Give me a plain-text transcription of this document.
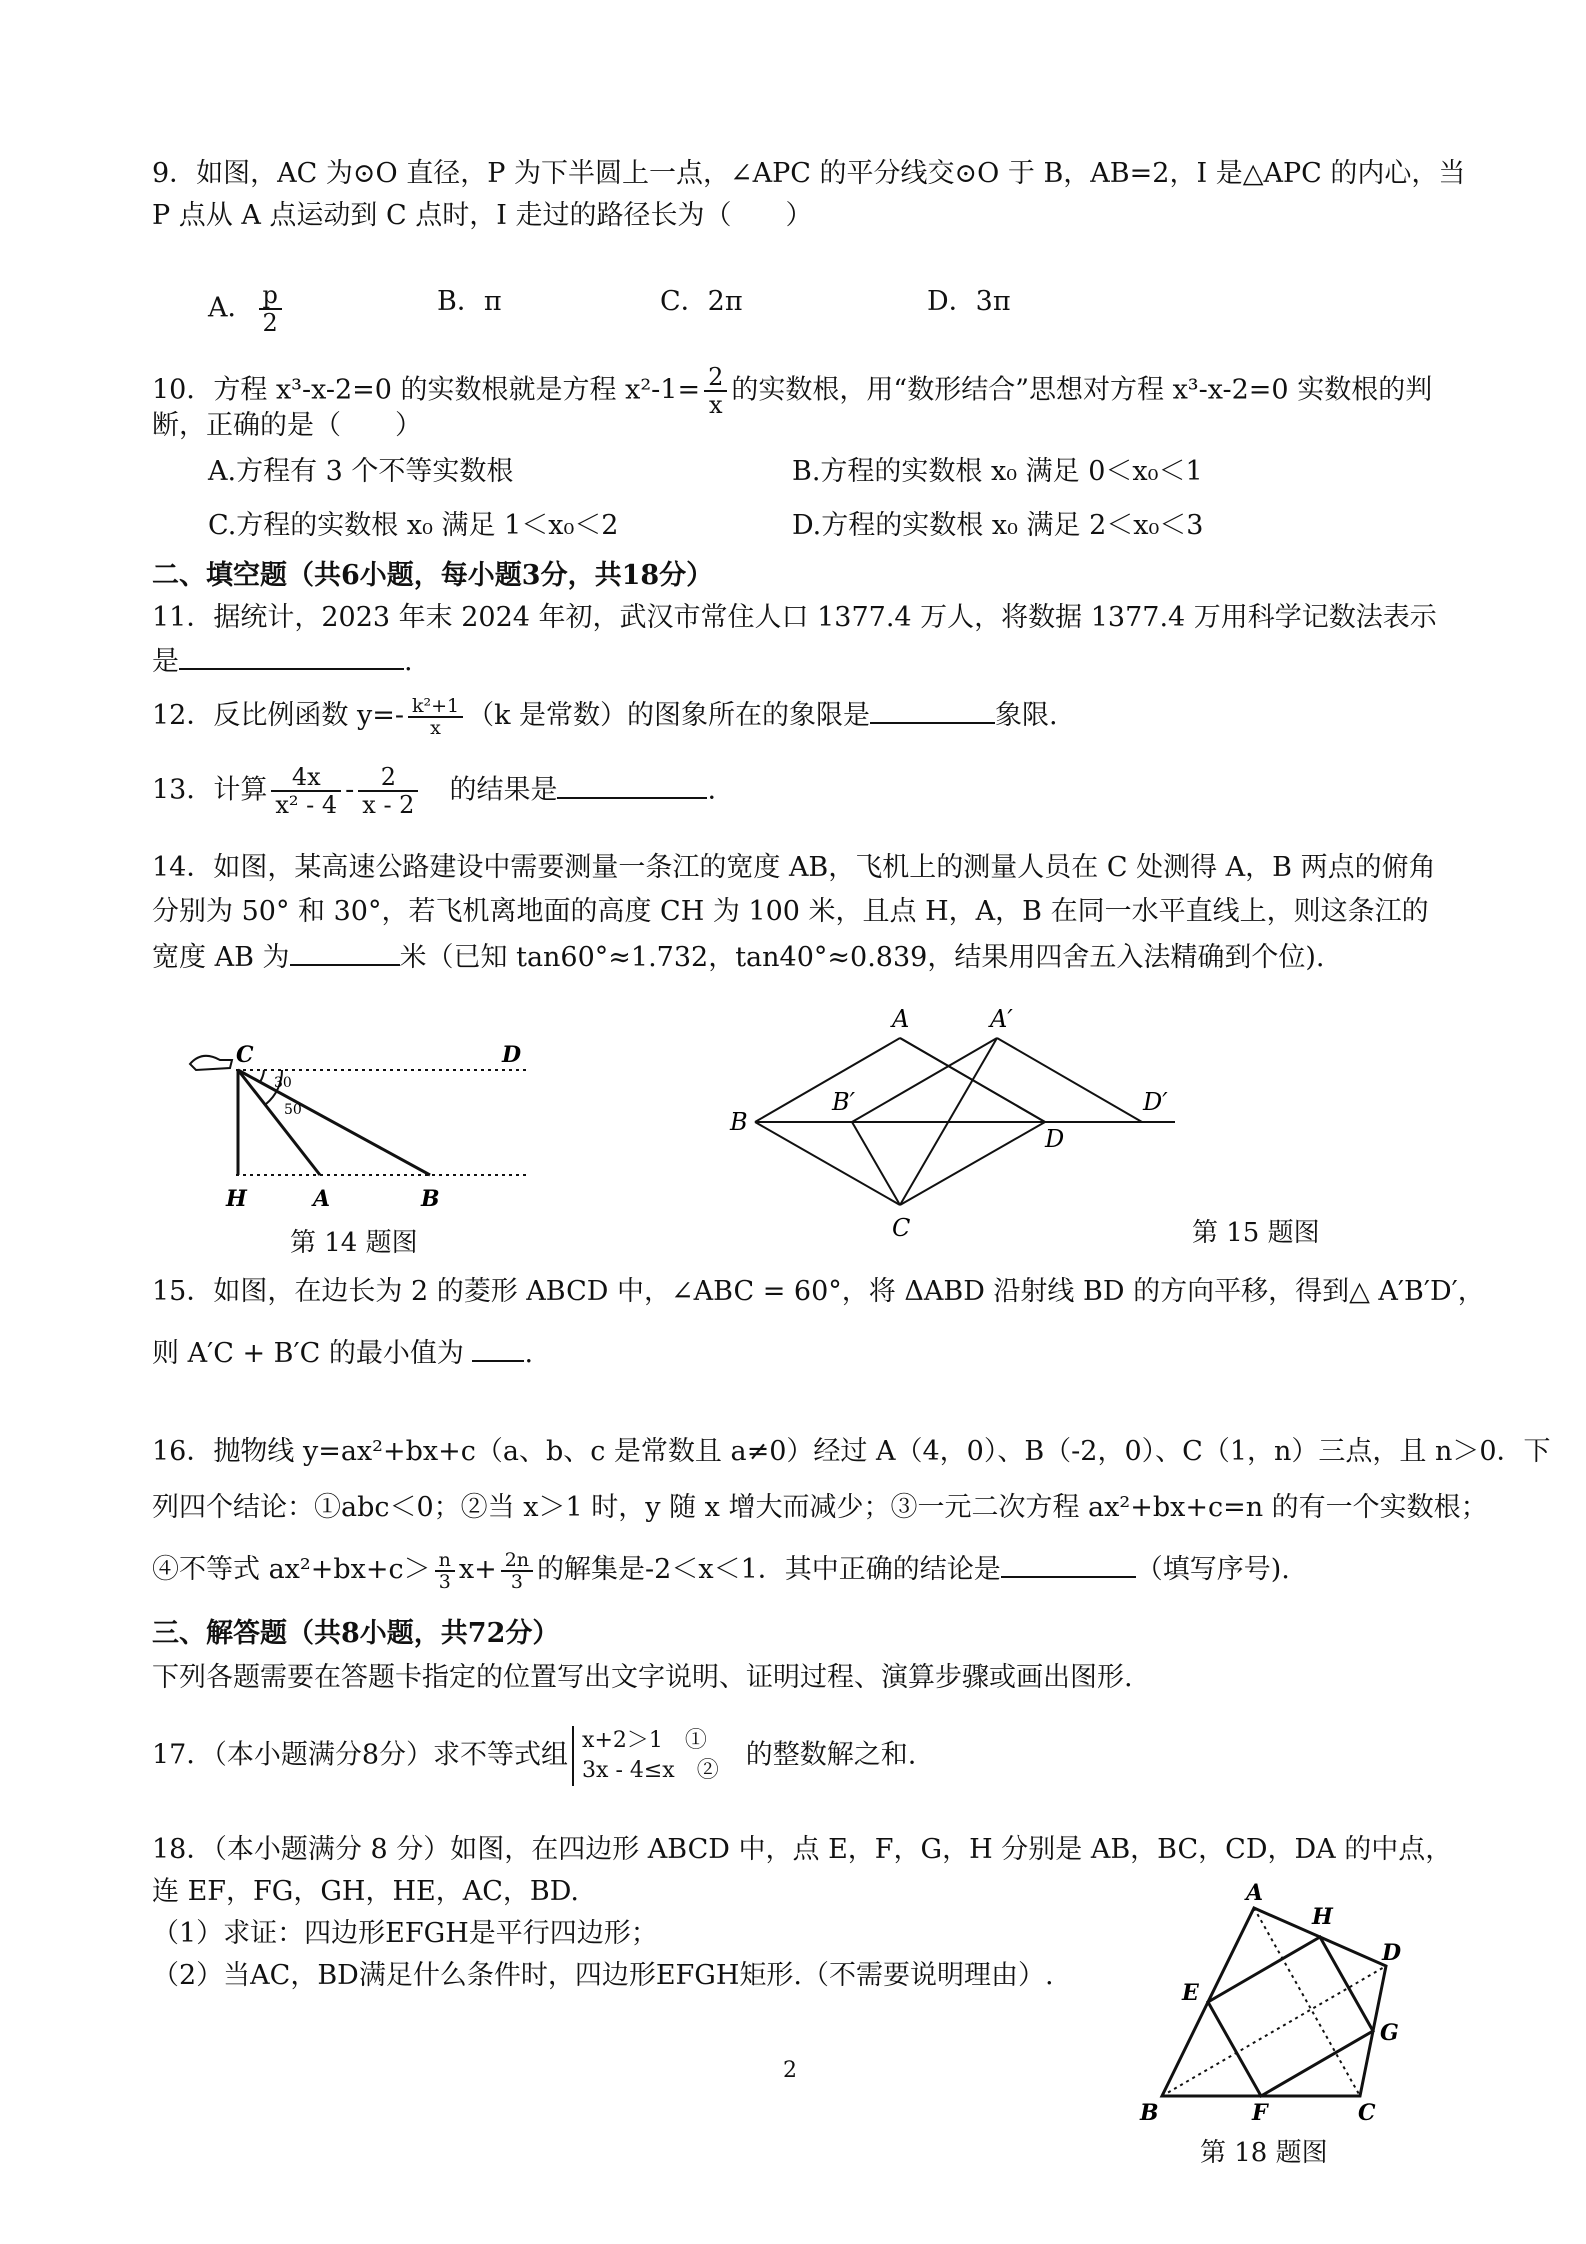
9．如图，AC 为⊙O 直径，P 为下半圆上一点，∠APC 的平分线交⊙O 于 B，AB=2，I 是△APC 的内心，当
P 点从 A 点运动到 C 点时，I 走过的路径长为（　　）
A． $\frac{p}{2}$	B．π	C．2π	D．3π
10．方程 x³-x-2=0 的实数根就是方程 $x^2-1= \frac{2}{x}$ 的实数根，用“数形结合”思想对方程 x³-x-2=0 实数根的判
断，正确的是（　　）
A.方程有 3 个不等实数根	B.方程的实数根 x₀ 满足 0＜x₀＜1
C.方程的实数根 x₀ 满足 1＜x₀＜2	D.方程的实数根 x₀ 满足 2＜x₀＜3
二、填空题（共6小题，每小题3分，共18分）
11．据统计，2023 年末 2024 年初，武汉市常住人口 1377.4 万人，将数据 1377.4 万用科学记数法表示
是	.
12．反比例函数 $y=- \frac{\text{k²+1}}{x} (k$ 是常数）的图象所在的象限是	象限.
13．计算 $\frac{4x}{\text{x² - 4}} - \frac{2}{x - 2}$
　 的结果是	.
14．如图，某高速公路建设中需要测量一条江的宽度 AB，飞机上的测量人员在 C 处测得 A，B 两点的俯角
分别为 50° 和 30°，若飞机离地面的高度 CH 为 100 米，且点 H，A，B 在同一水平直线上，则这条江的
宽度 AB 为	米（已知 tan60°≈1.732，tan40°≈0.839，结果用四舍五入法精确到个位).
C	D
H	A	B
30
50
第 14 题图
A	A′
B
B′
D
D′
C	第 15 题图
15．如图，在边长为 2 的菱形 ABCD 中，∠ABC = 60°，将 ΔABD 沿射线 BD 的方向平移，得到△ A′B′D′，
则 A′C + B′C 的最小值为 .
16．抛物线 y=ax²+bx+c（a、b、c 是常数且 a≠0）经过 A（4，0）、B（-2，0）、C（1，n）三点，且 n＞0．下
列四个结论：①abc＜0；②当 x＞1 时，y 随 x 增大而减少；③一元二次方程 ax²+bx+c=n 的有一个实数根；
④不等式 $ax^2+bx+c> \frac{n}{3} x+ \frac{2n}{3}$ 的解集是-2＜x＜1．其中正确的结论是	（填写序号).
三、解答题（共8小题，共72分）
下列各题需要在答题卡指定的位置写出文字说明、证明过程、演算步骤或画出图形.
17．（本小题满分8分）求不等式组 x+2＞1　①
3x - 4≤x　②
　 的整数解之和.
18．（本小题满分 8 分）如图，在四边形 ABCD 中，点 E，F，G，H 分别是 AB，BC，CD，DA 的中点，
连 EF，FG，GH，HE，AC，BD.
（1）求证：四边形EFGH是平行四边形；
（2）当AC，BD满足什么条件时，四边形EFGH矩形.（不需要说明理由）.
A
H
D
E
G
B	F	C
第 18 题图
2
